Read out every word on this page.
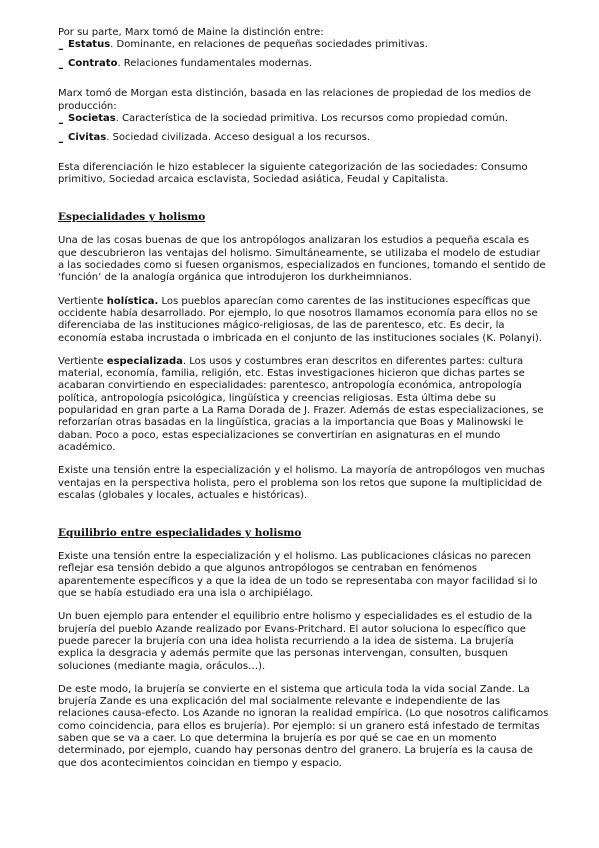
Por su parte, Marx tomó de Maine la distinción entre:

- Estatus. Dominante, en relaciones de pequeñas sociedades primitivas.

- Contrato. Relaciones fundamentales modernas.

Marx tomó de Morgan esta distinción, basada en las relaciones de propiedad de los medios de producción:

- Societas. Característica de la sociedad primitiva. Los recursos como propiedad común.

- Civitas. Sociedad civilizada. Acceso desigual a los recursos.

Esta diferenciación le hizo establecer la siguiente categorización de las sociedades: Consumo primitivo, Sociedad arcaica esclavista, Sociedad asiática, Feudal y Capitalista.

Especialidades y holismo

Una de las cosas buenas de que los antropólogos analizaran los estudios a pequeña escala es que descubrieron las ventajas del holismo. Simultáneamente, se utilizaba el modelo de estudiar a las sociedades como si fuesen organismos, especializados en funciones, tomando el sentido de ‘función’ de la analogía orgánica que introdujeron los durkheimnianos.

Vertiente holística. Los pueblos aparecían como carentes de las instituciones específicas que occidente había desarrollado. Por ejemplo, lo que nosotros llamamos economía para ellos no se diferenciaba de las instituciones mágico-religiosas, de las de parentesco, etc. Es decir, la economía estaba incrustada o imbricada en el conjunto de las instituciones sociales (K. Polanyi).

Vertiente especializada. Los usos y costumbres eran descritos en diferentes partes: cultura material, economía, familia, religión, etc. Estas investigaciones hicieron que dichas partes se acabaran convirtiendo en especialidades: parentesco, antropología económica, antropología política, antropología psicológica, lingüística y creencias religiosas. Esta última debe su popularidad en gran parte a La Rama Dorada de J. Frazer. Además de estas especializaciones, se reforzarían otras basadas en la lingüística, gracias a la importancia que Boas y Malinowski le daban. Poco a poco, estas especializaciones se convertirían en asignaturas en el mundo académico.

Existe una tensión entre la especialización y el holismo. La mayoría de antropólogos ven muchas ventajas en la perspectiva holista, pero el problema son los retos que supone la multiplicidad de escalas (globales y locales, actuales e históricas).

Equilibrio entre especialidades y holismo

Existe una tensión entre la especialización y el holismo. Las publicaciones clásicas no parecen reflejar esa tensión debido a que algunos antropólogos se centraban en fenómenos aparentemente específicos y a que la idea de un todo se representaba con mayor facilidad si lo que se había estudiado era una isla o archipiélago.

Un buen ejemplo para entender el equilibrio entre holismo y especialidades es el estudio de la brujería del pueblo Azande realizado por Evans-Pritchard. El autor soluciona lo específico que puede parecer la brujería con una idea holista recurriendo a la idea de sistema. La brujería explica la desgracia y además permite que las personas intervengan, consulten, busquen soluciones (mediante magia, oráculos…).

De este modo, la brujería se convierte en el sistema que articula toda la vida social Zande. La brujería Zande es una explicación del mal socialmente relevante e independiente de las relaciones causa-efecto. Los Azande no ignoran la realidad empírica. (Lo que nosotros calificamos como coincidencia, para ellos es brujería). Por ejemplo: si un granero está infestado de termitas saben que se va a caer. Lo que determina la brujería es por qué se cae en un momento determinado, por ejemplo, cuando hay personas dentro del granero. La brujería es la causa de que dos acontecimientos coincidan en tiempo y espacio.
